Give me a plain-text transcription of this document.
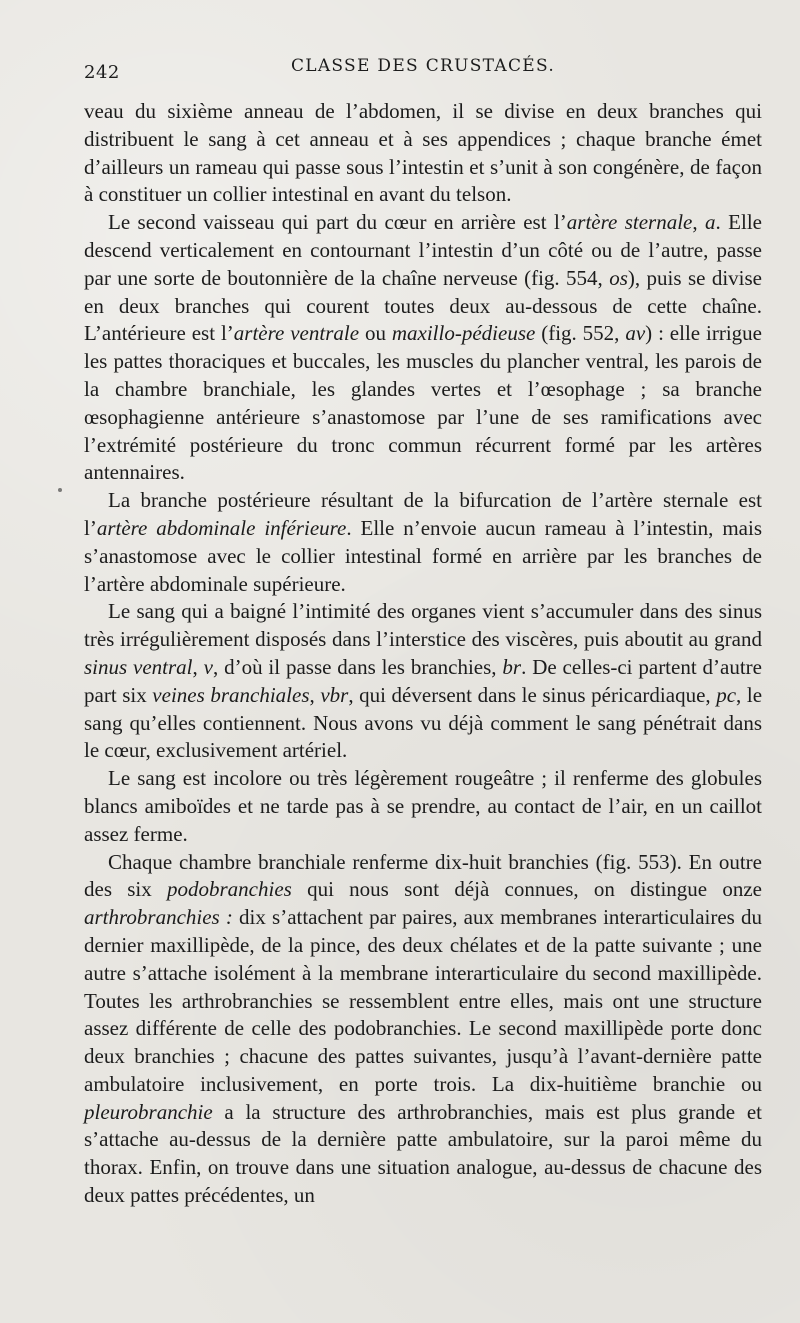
242	CLASSE DES CRUSTACÉS.

veau du sixième anneau de l’abdomen, il se divise en deux branches qui distribuent le sang à cet anneau et à ses appendices ; chaque branche émet d’ailleurs un rameau qui passe sous l’intestin et s’unit à son congénère, de façon à constituer un collier intestinal en avant du telson.

Le second vaisseau qui part du cœur en arrière est l’artère sternale, a. Elle descend verticalement en contournant l’intestin d’un côté ou de l’autre, passe par une sorte de boutonnière de la chaîne nerveuse (fig. 554, os), puis se divise en deux branches qui courent toutes deux au-dessous de cette chaîne. L’antérieure est l’artère ventrale ou maxillo-pédieuse (fig. 552, av) : elle irrigue les pattes thoraciques et buccales, les muscles du plancher ventral, les parois de la chambre branchiale, les glandes vertes et l’œsophage ; sa branche œsophagienne antérieure s’anastomose par l’une de ses ramifications avec l’extrémité postérieure du tronc commun récurrent formé par les artères antennaires.

La branche postérieure résultant de la bifurcation de l’artère sternale est l’artère abdominale inférieure. Elle n’envoie aucun rameau à l’intestin, mais s’anastomose avec le collier intestinal formé en arrière par les branches de l’artère abdominale supérieure.

Le sang qui a baigné l’intimité des organes vient s’accumuler dans des sinus très irrégulièrement disposés dans l’interstice des viscères, puis aboutit au grand sinus ventral, v, d’où il passe dans les branchies, br. De celles-ci partent d’autre part six veines branchiales, vbr, qui déversent dans le sinus péricardiaque, pc, le sang qu’elles contiennent. Nous avons vu déjà comment le sang pénétrait dans le cœur, exclusivement artériel.

Le sang est incolore ou très légèrement rougeâtre ; il renferme des globules blancs amiboïdes et ne tarde pas à se prendre, au contact de l’air, en un caillot assez ferme.

Chaque chambre branchiale renferme dix-huit branchies (fig. 553). En outre des six podobranchies qui nous sont déjà connues, on distingue onze arthrobranchies : dix s’attachent par paires, aux membranes interarticulaires du dernier maxillipède, de la pince, des deux chélates et de la patte suivante ; une autre s’attache isolément à la membrane interarticulaire du second maxillipède. Toutes les arthrobranchies se ressemblent entre elles, mais ont une structure assez différente de celle des podobranchies. Le second maxillipède porte donc deux branchies ; chacune des pattes suivantes, jusqu’à l’avant-dernière patte ambulatoire inclusivement, en porte trois. La dix-huitième branchie ou pleurobranchie a la structure des arthrobranchies, mais est plus grande et s’attache au-dessus de la dernière patte ambulatoire, sur la paroi même du thorax. Enfin, on trouve dans une situation analogue, au-dessus de chacune des deux pattes précédentes, un
